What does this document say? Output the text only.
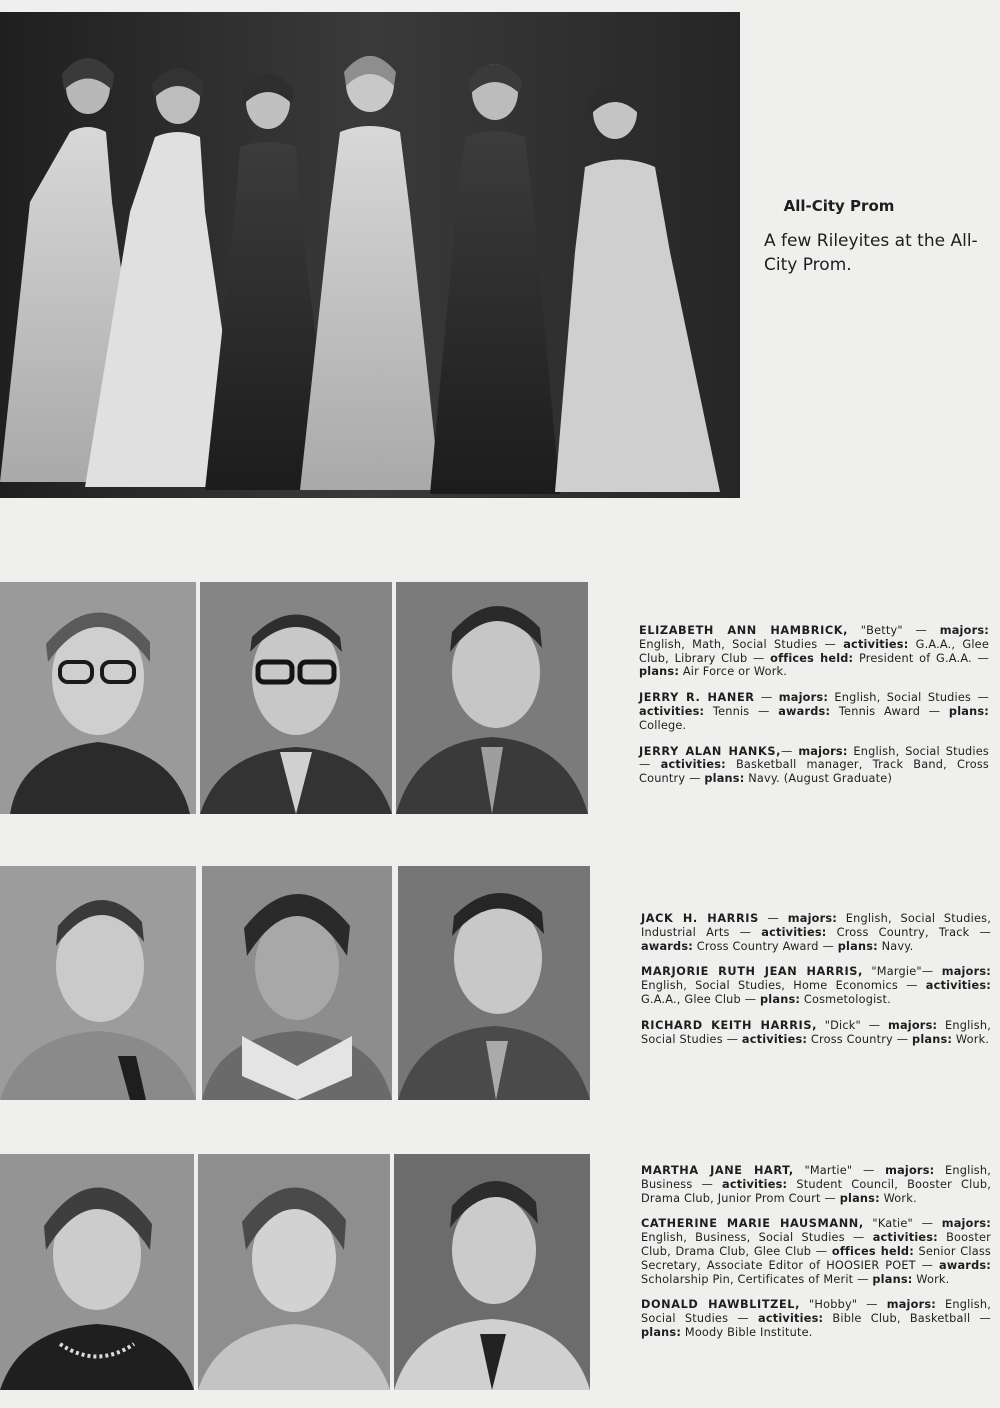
All-City Prom
A few Rileyites at the All-City Prom.

ELIZABETH ANN HAMBRICK, "Betty" — majors: English, Math, Social Studies — activities: G.A.A., Glee Club, Library Club — offices held: President of G.A.A. — plans: Air Force or Work.

JERRY R. HANER — majors: English, Social Studies — activities: Tennis — awards: Tennis Award — plans: College.

JERRY ALAN HANKS,— majors: English, Social Studies — activities: Basketball manager, Track Band, Cross Country — plans: Navy. (August Graduate)

JACK H. HARRIS — majors: English, Social Studies, Industrial Arts — activities: Cross Country, Track — awards: Cross Country Award — plans: Navy.

MARJORIE RUTH JEAN HARRIS, "Margie"— majors: English, Social Studies, Home Economics — activities: G.A.A., Glee Club — plans: Cosmetologist.

RICHARD KEITH HARRIS, "Dick" — majors: English, Social Studies — activities: Cross Country — plans: Work.

MARTHA JANE HART, "Martie" — majors: English, Business — activities: Student Council, Booster Club, Drama Club, Junior Prom Court — plans: Work.

CATHERINE MARIE HAUSMANN, "Katie" — majors: English, Business, Social Studies — activities: Booster Club, Drama Club, Glee Club — offices held: Senior Class Secretary, Associate Editor of HOOSIER POET — awards: Scholarship Pin, Certificates of Merit — plans: Work.

DONALD HAWBLITZEL, "Hobby" — majors: English, Social Studies — activities: Bible Club, Basketball — plans: Moody Bible Institute.
